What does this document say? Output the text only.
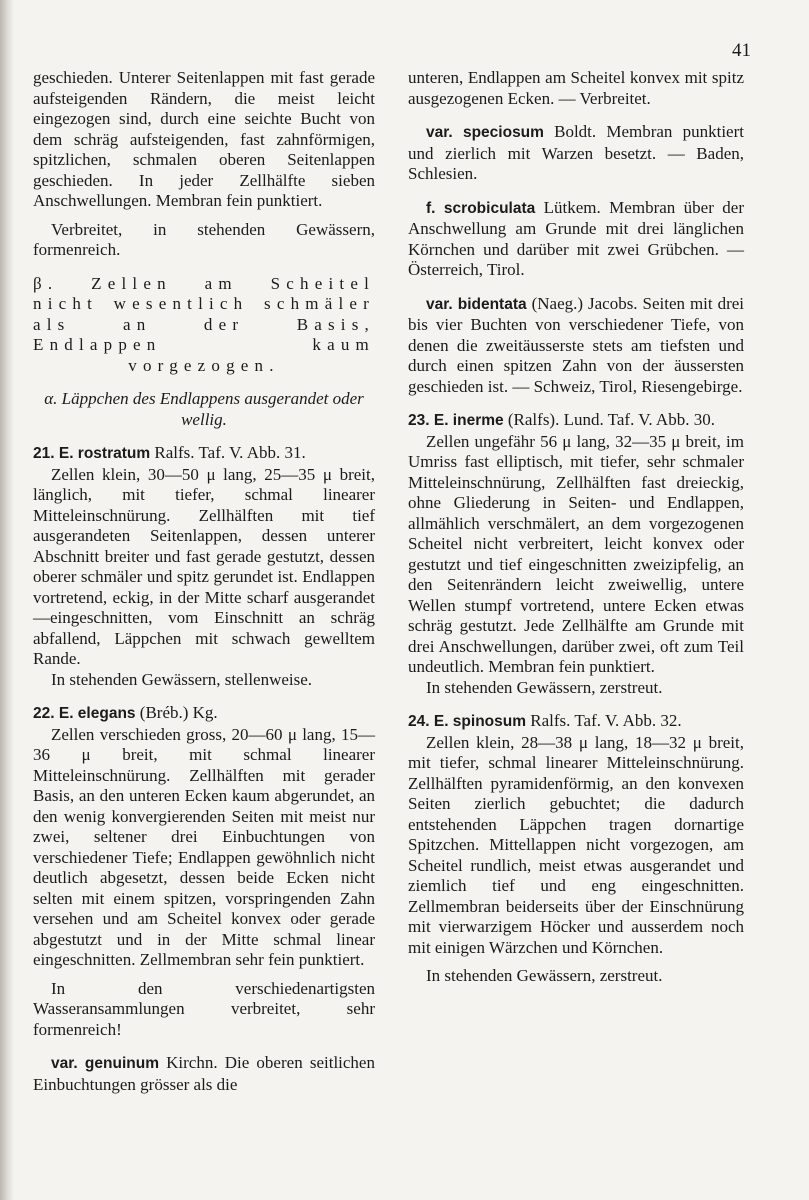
41

geschieden. Unterer Seitenlappen mit fast gerade aufsteigenden Rändern, die meist leicht eingezogen sind, durch eine seichte Bucht von dem schräg aufsteigenden, fast zahnförmigen, spitzlichen, schmalen oberen Seitenlappen geschieden. In jeder Zellhälfte sieben Anschwellungen. Membran fein punktiert.

Verbreitet, in stehenden Gewässern, formenreich.

β. Zellen am Scheitel nicht wesentlich schmäler als an der Basis, Endlappen kaum vorgezogen.

α. Läppchen des Endlappens ausgerandet oder wellig.

21. E. rostratum Ralfs. Taf. V. Abb. 31.

Zellen klein, 30—50 μ lang, 25—35 μ breit, länglich, mit tiefer, schmal linearer Mitteleinschnürung. Zellhälften mit tief ausgerandeten Seitenlappen, dessen unterer Abschnitt breiter und fast gerade gestutzt, dessen oberer schmäler und spitz gerundet ist. Endlappen vortretend, eckig, in der Mitte scharf ausgerandet—eingeschnitten, vom Einschnitt an schräg abfallend, Läppchen mit schwach gewelltem Rande.

In stehenden Gewässern, stellenweise.

22. E. elegans (Bréb.) Kg.

Zellen verschieden gross, 20—60 μ lang, 15—36 μ breit, mit schmal linearer Mitteleinschnürung. Zellhälften mit gerader Basis, an den unteren Ecken kaum abgerundet, an den wenig konvergierenden Seiten mit meist nur zwei, seltener drei Einbuchtungen von verschiedener Tiefe; Endlappen gewöhnlich nicht deutlich abgesetzt, dessen beide Ecken nicht selten mit einem spitzen, vorspringenden Zahn versehen und am Scheitel konvex oder gerade abgestutzt und in der Mitte schmal linear eingeschnitten. Zellmembran sehr fein punktiert.

In den verschiedenartigsten Wasseransammlungen verbreitet, sehr formenreich!

var. genuinum Kirchn. Die oberen seitlichen Einbuchtungen grösser als die

unteren, Endlappen am Scheitel konvex mit spitz ausgezogenen Ecken. — Verbreitet.

var. speciosum Boldt. Membran punktiert und zierlich mit Warzen besetzt. — Baden, Schlesien.

f. scrobiculata Lütkem. Membran über der Anschwellung am Grunde mit drei länglichen Körnchen und darüber mit zwei Grübchen. — Österreich, Tirol.

var. bidentata (Naeg.) Jacobs. Seiten mit drei bis vier Buchten von verschiedener Tiefe, von denen die zweitäusserste stets am tiefsten und durch einen spitzen Zahn von der äussersten geschieden ist. — Schweiz, Tirol, Riesengebirge.

23. E. inerme (Ralfs). Lund. Taf. V. Abb. 30.

Zellen ungefähr 56 μ lang, 32—35 μ breit, im Umriss fast elliptisch, mit tiefer, sehr schmaler Mitteleinschnürung, Zellhälften fast dreieckig, ohne Gliederung in Seiten- und Endlappen, allmählich verschmälert, an dem vorgezogenen Scheitel nicht verbreitert, leicht konvex oder gestutzt und tief eingeschnitten zweizipfelig, an den Seitenrändern leicht zweiwellig, untere Wellen stumpf vortretend, untere Ecken etwas schräg gestutzt. Jede Zellhälfte am Grunde mit drei Anschwellungen, darüber zwei, oft zum Teil undeutlich. Membran fein punktiert.

In stehenden Gewässern, zerstreut.

24. E. spinosum Ralfs. Taf. V. Abb. 32.

Zellen klein, 28—38 μ lang, 18—32 μ breit, mit tiefer, schmal linearer Mitteleinschnürung. Zellhälften pyramidenförmig, an den konvexen Seiten zierlich gebuchtet; die dadurch entstehenden Läppchen tragen dornartige Spitzchen. Mittellappen nicht vorgezogen, am Scheitel rundlich, meist etwas ausgerandet und ziemlich tief und eng eingeschnitten. Zellmembran beiderseits über der Einschnürung mit vierwarzigem Höcker und ausserdem noch mit einigen Wärzchen und Körnchen.

In stehenden Gewässern, zerstreut.
